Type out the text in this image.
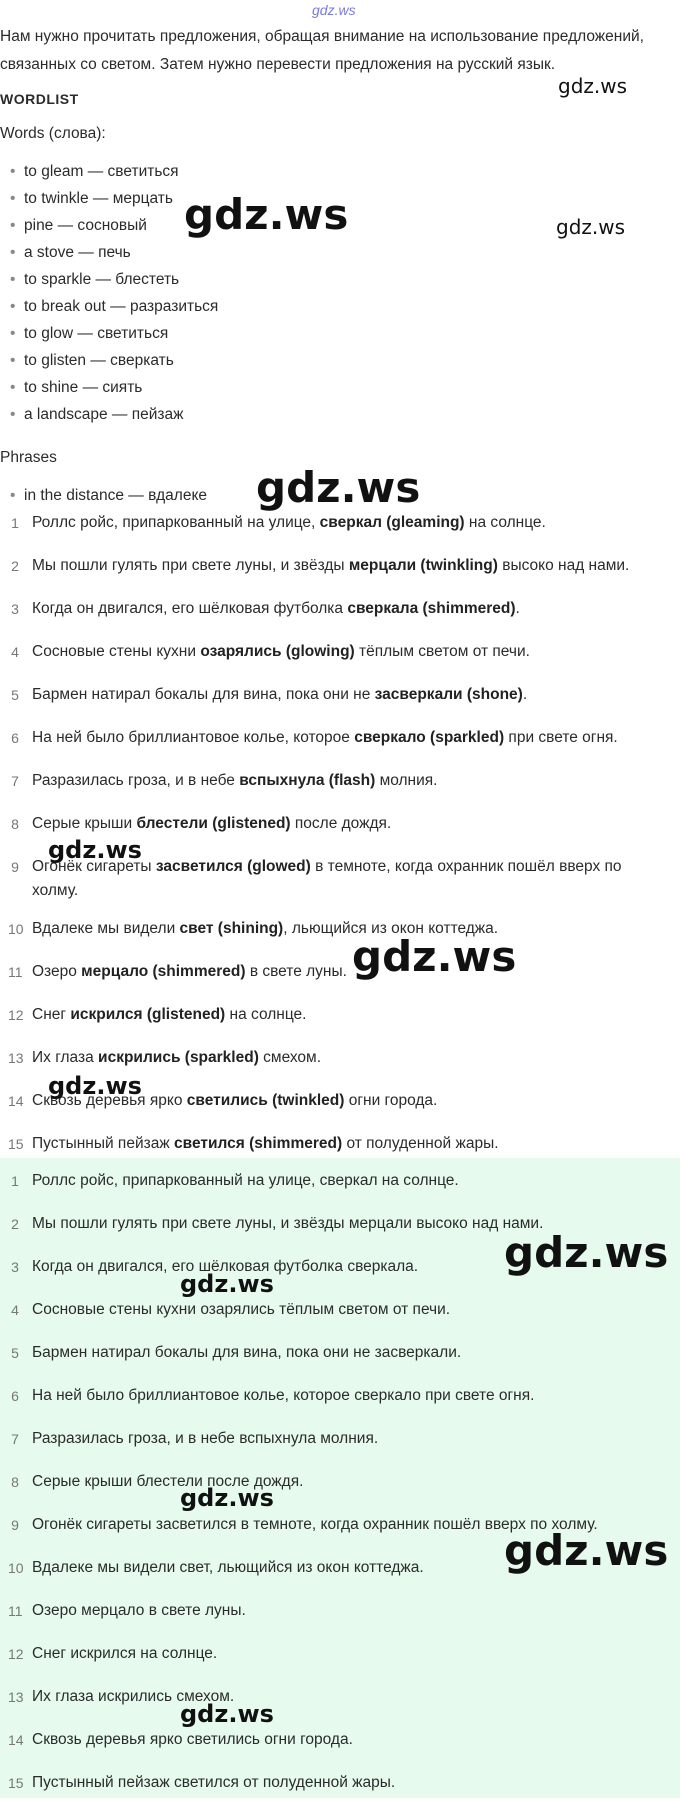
gdz.ws
Нам нужно прочитать предложения, обращая внимание на использование предложений, связанных со светом. Затем нужно перевести предложения на русский язык.
WORDLIST
Words (слова):
• to gleam — светиться
• to twinkle — мерцать
• pine — сосновый
• a stove — печь
• to sparkle — блестеть
• to break out — разразиться
• to glow — светиться
• to glisten — сверкать
• to shine — сиять
• a landscape — пейзаж
Phrases
• in the distance — вдалеке
1 Роллс ройс, припаркованный на улице, сверкал (gleaming) на солнце.
2 Мы пошли гулять при свете луны, и звёзды мерцали (twinkling) высоко над нами.
3 Когда он двигался, его шёлковая футболка сверкала (shimmered).
4 Сосновые стены кухни озарялись (glowing) тёплым светом от печи.
5 Бармен натирал бокалы для вина, пока они не засверкали (shone).
6 На ней было бриллиантовое колье, которое сверкало (sparkled) при свете огня.
7 Разразилась гроза, и в небе вспыхнула (flash) молния.
8 Серые крыши блестели (glistened) после дождя.
9 Огонёк сигареты засветился (glowed) в темноте, когда охранник пошёл вверх по холму.
10 Вдалеке мы видели свет (shining), льющийся из окон коттеджа.
11 Озеро мерцало (shimmered) в свете луны.
12 Снег искрился (glistened) на солнце.
13 Их глаза искрились (sparkled) смехом.
14 Сквозь деревья ярко светились (twinkled) огни города.
15 Пустынный пейзаж светился (shimmered) от полуденной жары.
1 Роллс ройс, припаркованный на улице, сверкал на солнце.
2 Мы пошли гулять при свете луны, и звёзды мерцали высоко над нами.
3 Когда он двигался, его шёлковая футболка сверкала.
4 Сосновые стены кухни озарялись тёплым светом от печи.
5 Бармен натирал бокалы для вина, пока они не засверкали.
6 На ней было бриллиантовое колье, которое сверкало при свете огня.
7 Разразилась гроза, и в небе вспыхнула молния.
8 Серые крыши блестели после дождя.
9 Огонёк сигареты засветился в темноте, когда охранник пошёл вверх по холму.
10 Вдалеке мы видели свет, льющийся из окон коттеджа.
11 Озеро мерцало в свете луны.
12 Снег искрился на солнце.
13 Их глаза искрились смехом.
14 Сквозь деревья ярко светились огни города.
15 Пустынный пейзаж светился от полуденной жары.
gdz.ws
gdz.ws	gdz.ws
gdz.ws
gdz.ws
gdz.ws
gdz.ws
gdz.ws
gdz.ws
gdz.ws
gdz.ws
gdz.ws
